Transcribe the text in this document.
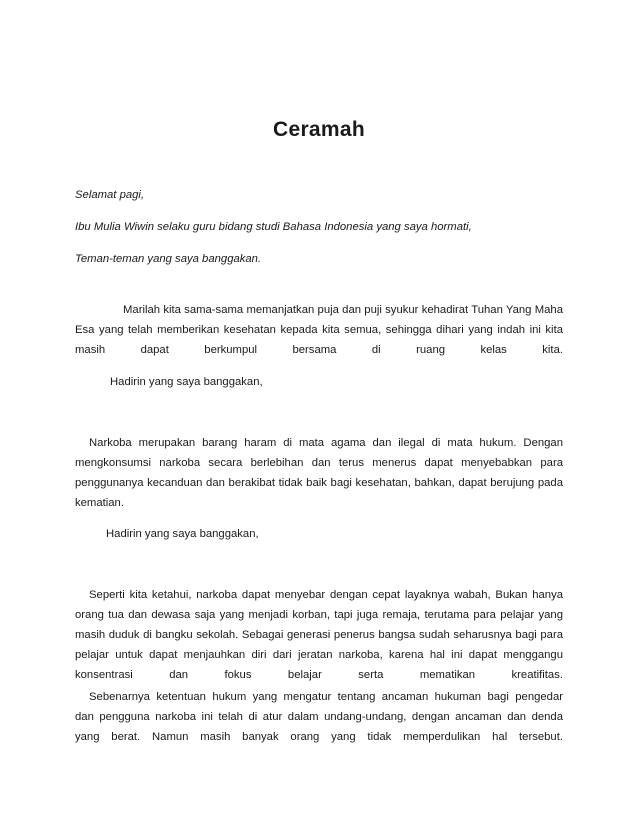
Ceramah
Selamat pagi,
Ibu Mulia Wiwin selaku guru bidang studi Bahasa Indonesia yang saya hormati,
Teman-teman yang saya banggakan.
Marilah kita sama-sama memanjatkan puja dan puji syukur kehadirat Tuhan Yang Maha
Esa yang telah memberikan kesehatan kepada kita semua, sehingga dihari yang indah ini kita
masih dapat berkumpul bersama di ruang kelas kita.
Hadirin yang saya banggakan,
Narkoba merupakan barang haram di mata agama dan ilegal di mata hukum. Dengan
mengkonsumsi narkoba secara berlebihan dan terus menerus dapat menyebabkan para
penggunanya kecanduan dan berakibat tidak baik bagi kesehatan, bahkan, dapat berujung pada
kematian.
Hadirin yang saya banggakan,
Seperti kita ketahui, narkoba dapat menyebar dengan cepat layaknya wabah, Bukan hanya
orang tua dan dewasa saja yang menjadi korban, tapi juga remaja, terutama para pelajar yang
masih duduk di bangku sekolah. Sebagai generasi penerus bangsa sudah seharusnya bagi para
pelajar untuk dapat menjauhkan diri dari jeratan narkoba, karena hal ini dapat menggangu
konsentrasi dan fokus belajar serta mematikan kreatifitas.
Sebenarnya ketentuan hukum yang mengatur tentang ancaman hukuman bagi pengedar
dan pengguna narkoba ini telah di atur dalam undang-undang, dengan ancaman dan denda
yang berat. Namun masih banyak orang yang tidak memperdulikan hal tersebut.
